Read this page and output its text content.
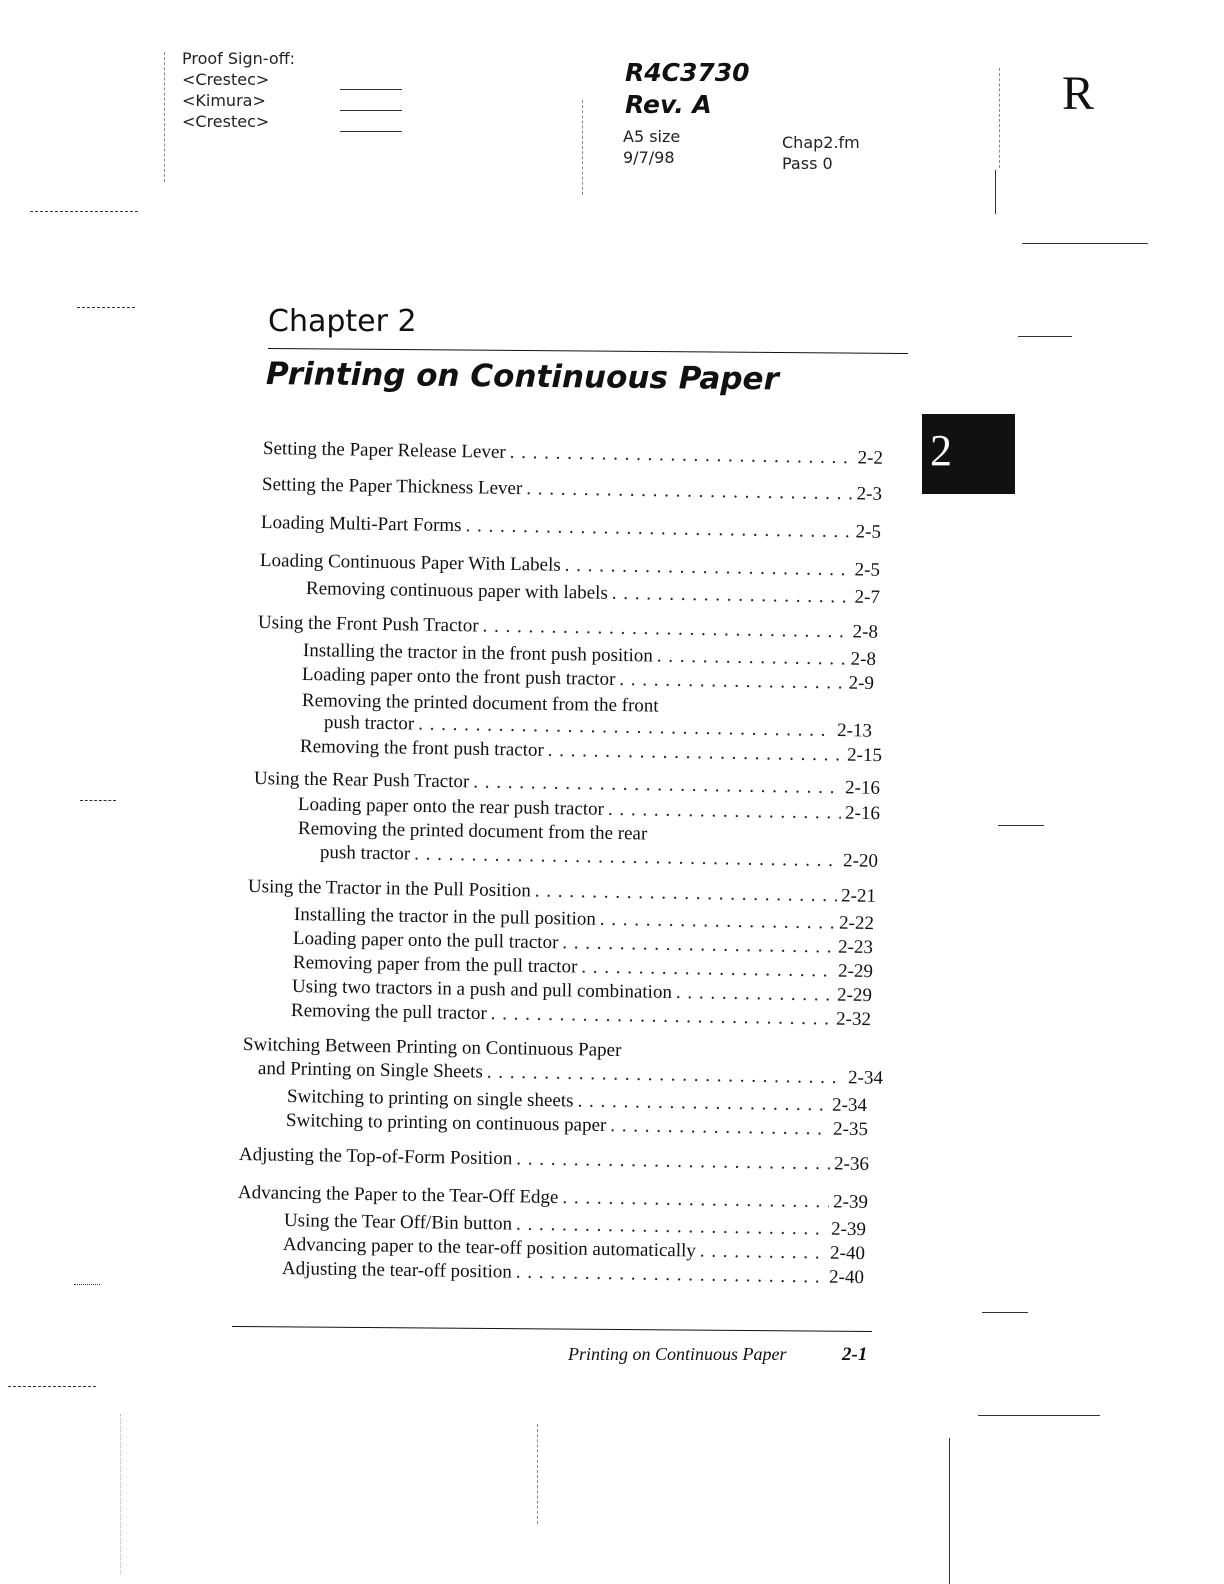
Proof Sign-off:
<Crestec>
<Kimura>
<Crestec>
R4C3730
Rev. A
A5 size
9/7/98
Chap2.fm
Pass 0
R
Chapter 2
Printing on Continuous Paper
2
Setting the Paper Release Lever . . .	2-2
Setting the Paper Thickness Lever . . .	2-3
Loading Multi-Part Forms . . .	2-5
Loading Continuous Paper With Labels . . .	2-5
Removing continuous paper with labels . . .	2-7
Using the Front Push Tractor . . .	2-8
Installing the tractor in the front push position . . .	2-8
Loading paper onto the front push tractor . . .	2-9
Removing the printed document from the front
push tractor . . .	2-13
Removing the front push tractor . . .	2-15
Using the Rear Push Tractor . . .	2-16
Loading paper onto the rear push tractor . . .	2-16
Removing the printed document from the rear
push tractor . . .	2-20
Using the Tractor in the Pull Position . . .	2-21
Installing the tractor in the pull position . . .	2-22
Loading paper onto the pull tractor . . .	2-23
Removing paper from the pull tractor . . .	2-29
Using two tractors in a push and pull combination . . .	2-29
Removing the pull tractor . . .	2-32
Switching Between Printing on Continuous Paper
and Printing on Single Sheets . . .	2-34
Switching to printing on single sheets . . .	2-34
Switching to printing on continuous paper . . .	2-35
Adjusting the Top-of-Form Position . . .	2-36
Advancing the Paper to the Tear-Off Edge . . .	2-39
Using the Tear Off/Bin button . . .	2-39
Advancing paper to the tear-off position automatically . . .	2-40
Adjusting the tear-off position . . .	2-40
Printing on Continuous Paper	2-1
